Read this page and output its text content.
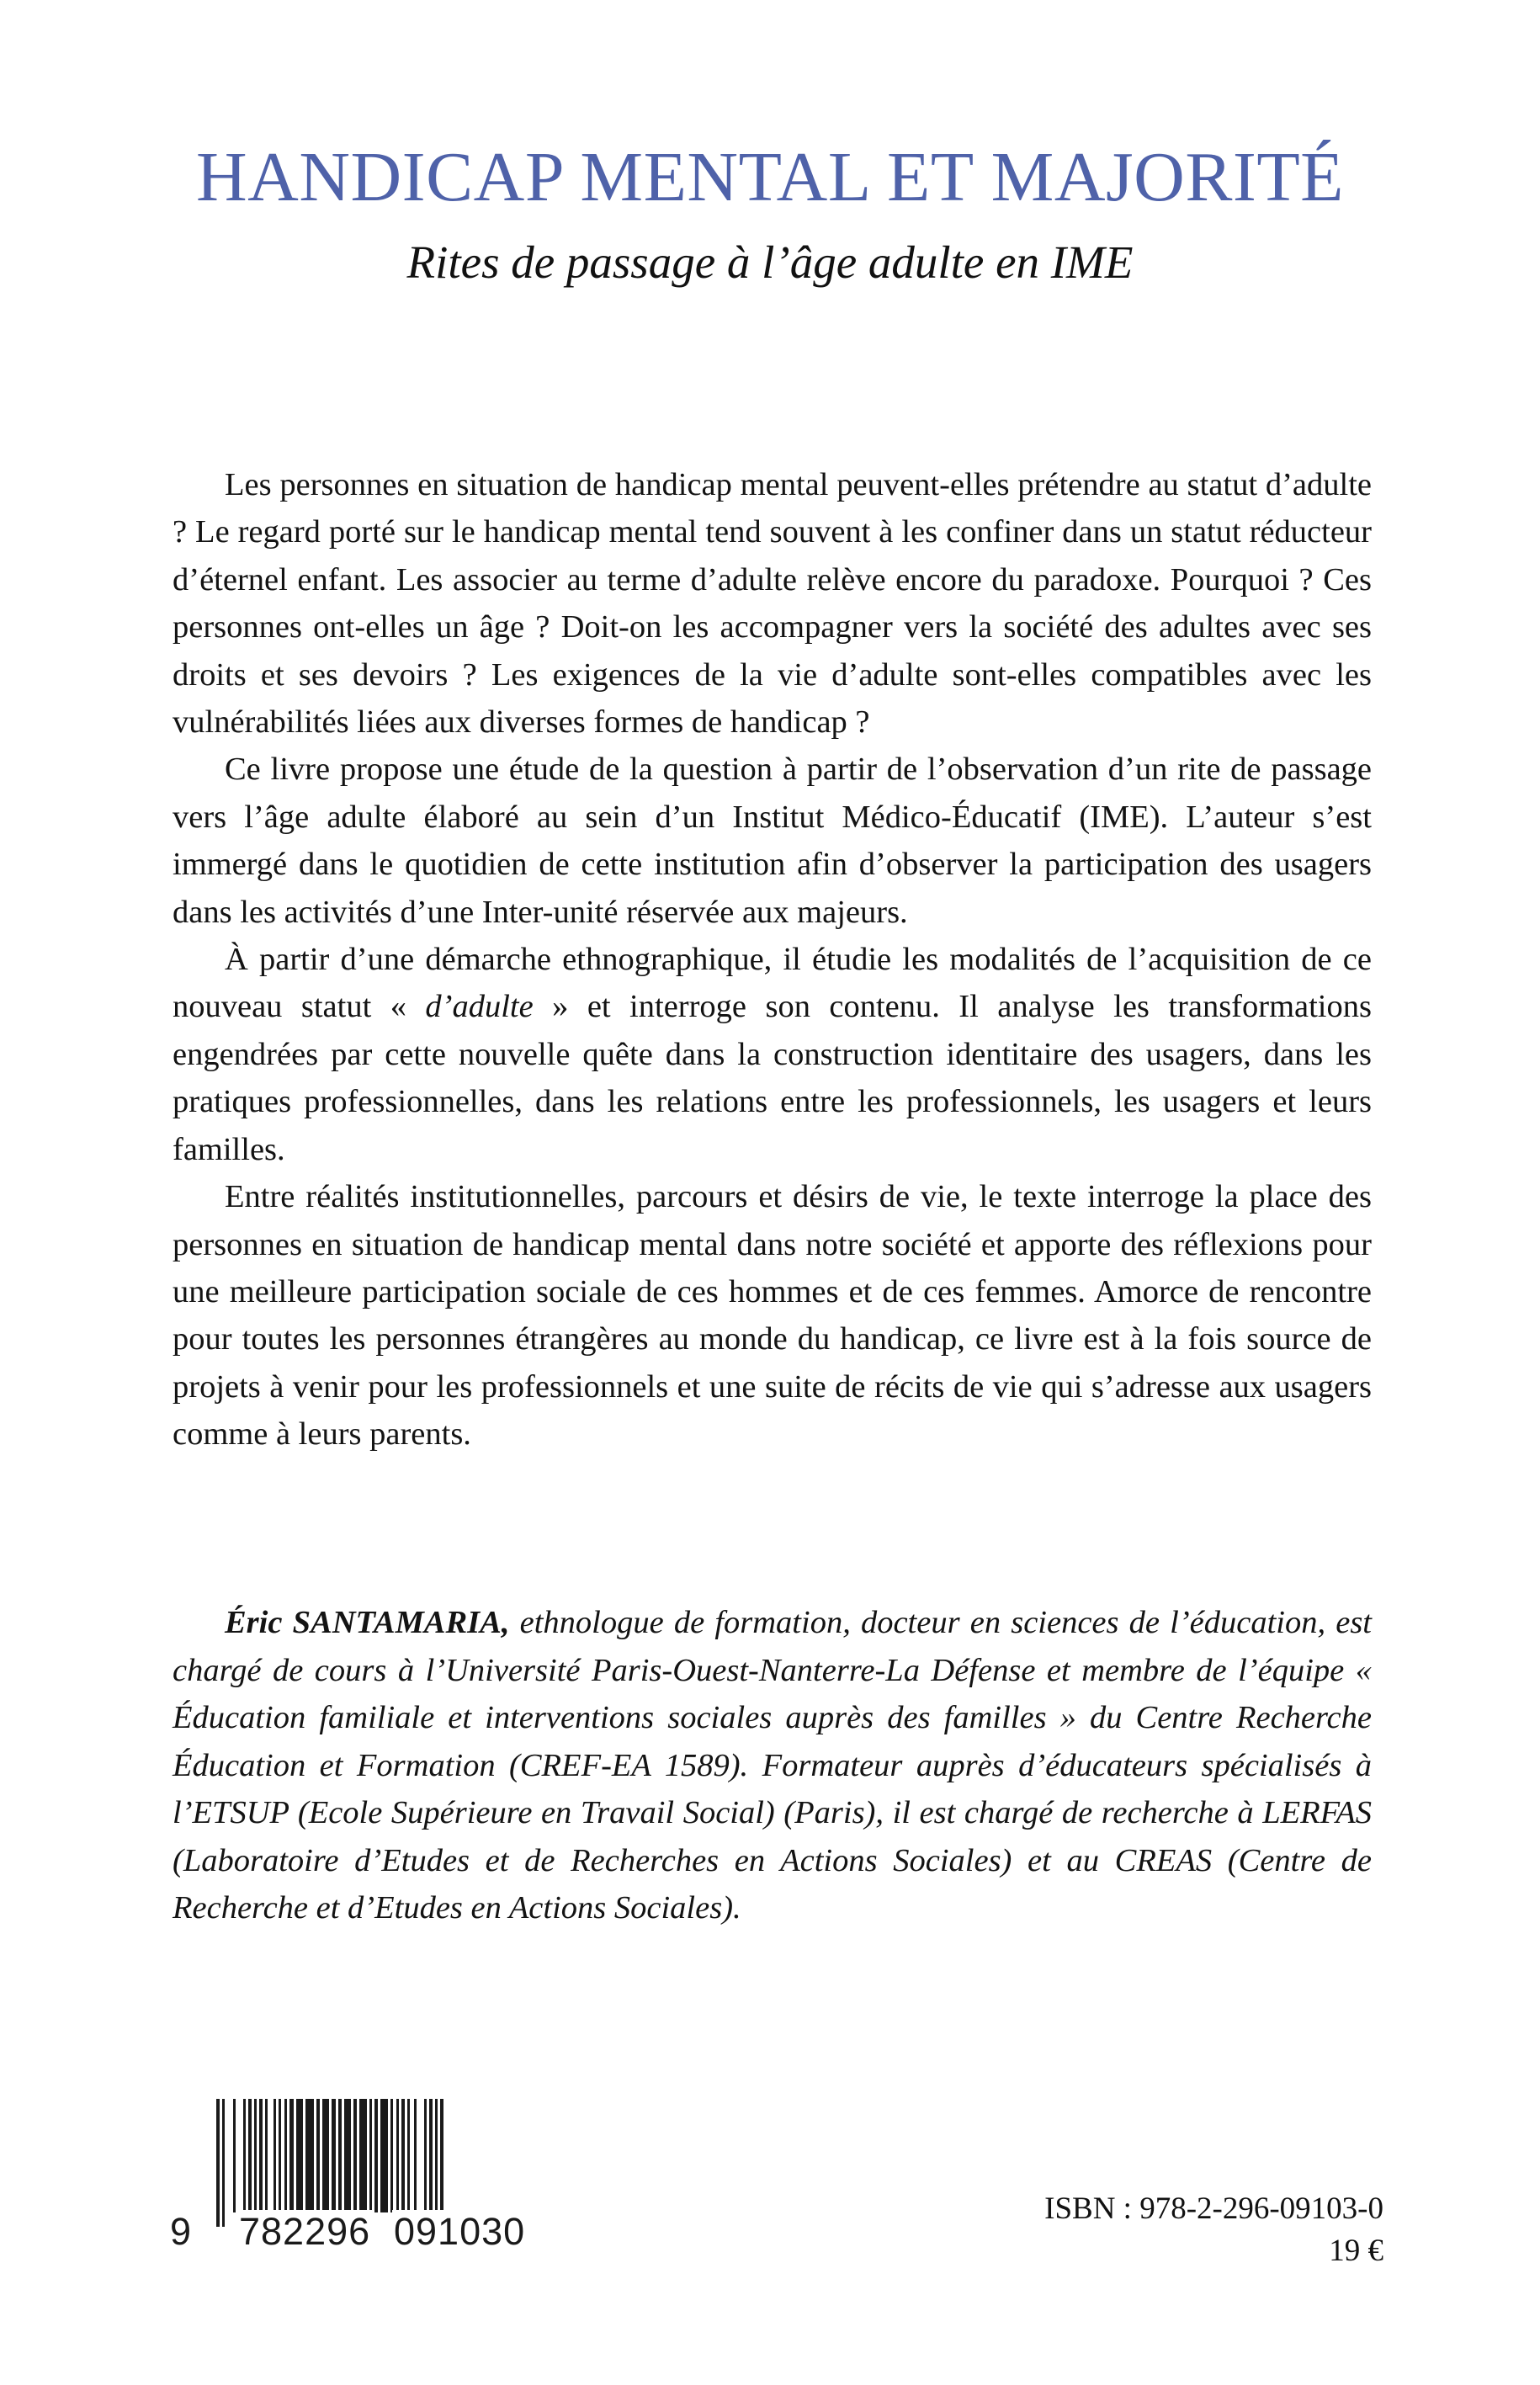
HANDICAP MENTAL ET MAJORITÉ
Rites de passage à l’âge adulte en IME

Les personnes en situation de handicap mental peuvent-elles prétendre au statut d’adulte ? Le regard porté sur le handicap mental tend souvent à les confiner dans un statut réducteur d’éternel enfant. Les associer au terme d’adulte relève encore du paradoxe. Pourquoi ? Ces personnes ont-elles un âge ? Doit-on les accompagner vers la société des adultes avec ses droits et ses devoirs ? Les exigences de la vie d’adulte sont-elles compatibles avec les vulnérabilités liées aux diverses formes de handicap ?

Ce livre propose une étude de la question à partir de l’observation d’un rite de passage vers l’âge adulte élaboré au sein d’un Institut Médico-Éducatif (IME). L’auteur s’est immergé dans le quotidien de cette institution afin d’observer la participation des usagers dans les activités d’une Inter-unité réservée aux majeurs.

À partir d’une démarche ethnographique, il étudie les modalités de l’acquisition de ce nouveau statut « d’adulte » et interroge son contenu. Il analyse les transformations engendrées par cette nouvelle quête dans la construction identitaire des usagers, dans les pratiques professionnelles, dans les relations entre les professionnels, les usagers et leurs familles.

Entre réalités institutionnelles, parcours et désirs de vie, le texte interroge la place des personnes en situation de handicap mental dans notre société et apporte des réflexions pour une meilleure participation sociale de ces hommes et de ces femmes. Amorce de rencontre pour toutes les personnes étrangères au monde du handicap, ce livre est à la fois source de projets à venir pour les professionnels et une suite de récits de vie qui s’adresse aux usagers comme à leurs parents.

Éric SANTAMARIA, ethnologue de formation, docteur en sciences de l’éducation, est chargé de cours à l’Université Paris-Ouest-Nanterre-La Défense et membre de l’équipe « Éducation familiale et interventions sociales auprès des familles » du Centre Recherche Éducation et Formation (CREF-EA 1589). Formateur auprès d’éducateurs spécialisés à l’ETSUP (Ecole Supérieure en Travail Social) (Paris), il est chargé de recherche à LERFAS (Laboratoire d’Etudes et de Recherches en Actions Sociales) et au CREAS (Centre de Recherche et d’Etudes en Actions Sociales).

9 782296 091030
ISBN : 978-2-296-09103-0
19 €
